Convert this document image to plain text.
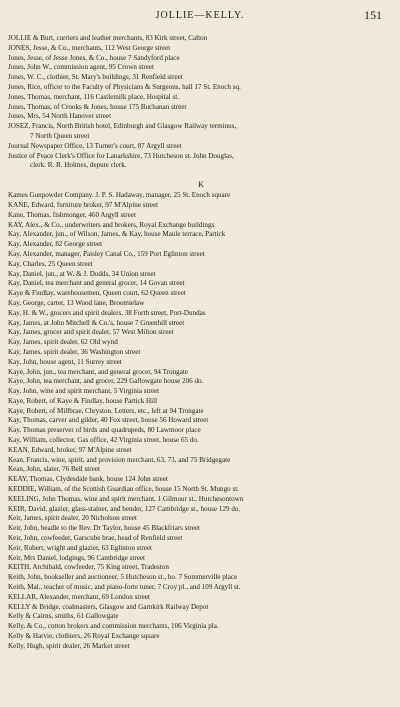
JOLLIE—KELLY.	151
JOLLIE & Burt, curriers and leather merchants, 83 Kirk street, Calton
JONES, Jesse, & Co., merchants, 112 West George street
Jones, Jesse, of Jesse Jones, & Co., house 7 Sandyford place
Jones, John W., commission agent, 95 Crown street
Jones, W. C., clothier, St. Mary's buildings, 31 Renfield street
Jones, Rice, officer to the Faculty of Physicians & Surgeons, hall 17 St. Enoch sq.
Jones, Thomas, merchant, 116 Castlemilk place, Hospital st.
Jones, Thomas, of Crooks & Jones, house 175 Buchanan street
Jones, Mrs, 54 North Hanover street
JOSEZ, Francis, North British hotel, Edinburgh and Glasgow Railway terminus,
7 North Queen street
Journal Newspaper Office, 13 Turner's court, 87 Argyll street
Justice of Peace Clerk's Office for Lanarkshire, 73 Hutcheson st. John Douglas,
clerk. R. R. Holmes, depute clerk.
K
Kames Gunpowder Company. J. P. S. Hadaway, manager, 25 St. Enoch square
KANE, Edward, furniture broker, 97 M'Alpine street
Kane, Thomas, fishmonger, 460 Argyll street
KAY, Alex., & Co., underwriters and brokers, Royal Exchange buildings
Kay, Alexander, jun., of Wilson, James, & Kay, house Maule terrace, Partick
Kay, Alexander, 82 George street
Kay, Alexander, manager, Paisley Canal Co., 159 Port Eglinton street
Kay, Charles, 25 Queen street
Kay, Daniel, jun., at W. & J. Dodds, 34 Union street
Kay, Daniel, tea merchant and general grocer, 14 Govan street
Kaye & Findlay, warehousemen, Queen court, 62 Queen street
Kay, George, carter, 13 Wood lane, Broomielaw
Kay, H. & W., grocers and spirit dealers, 38 Forth street, Port-Dundas
Kay, James, at John Mitchell & Co.'s, house 7 Greenhill street
Kay, James, grocer and spirit dealer, 57 West Milton street
Kay, James, spirit dealer, 62 Old wynd
Kay, James, spirit dealer, 36 Washington street
Kay, John, house agent, 11 Surrey street
Kaye, John, jun., tea merchant, and general grocer, 94 Trongate
Kaye, John, tea merchant, and grocer, 229 Gallowgate house 206 do.
Kay, John, wine and spirit merchant, 5 Virginia street
Kaye, Robert, of Kaye & Findlay, house Partick Hill
Kaye, Robert, of Millbrae, Chryston. Letters, etc., left at 94 Trongate
Kay, Thomas, carver and gilder, 40 Fox street, house 56 Howard street
Kay, Thomas preserver of birds and quadrupeds, 80 Lawmoor place
Kay, William, collector, Gas office, 42 Virginia street, house 65 do.
KEAN, Edward, broker, 97 M'Alpine street
Kean, Francis, wine, spirit, and provision merchant, 63, 73, and 75 Bridgegate
Kean, John, slater, 76 Bell street
KEAY, Thomas, Clydesdale bank, house 124 John street
KEDDIE, William, of the Scottish Guardian office, house 15 North St. Mungo st.
KEELING, John Thomas, wine and spirit merchant, 1 Gilmour st., Hutchesontown
KEIR, David, glazier, glass-stainer, and bender, 127 Cambridge st., house 129 do.
Keir, James, spirit dealer, 20 Nicholson street
Keir, John, beadle to the Rev. Dr Taylor, house 45 Blackfriars street
Keir, John, cowfeeder, Garscube brae, head of Renfield street
Keir, Robert, wright and glazier, 63 Eglinton street
Keir, Mrs Daniel, lodgings, 96 Cambridge street
KEITH, Archibald, cowfeeder, 75 King street, Tradeston
Keith, John, bookseller and auctioneer, 5 Hutcheson st., ho. 7 Sommerville place
Keith, Mal., teacher of music, and piano-forte tuner, 7 Croy pl., and 109 Argyll st.
KELLAR, Alexander, merchant, 69 London street
KELLY & Bridge, coalmasters, Glasgow and Garnkirk Railway Depot
Kelly & Cairns, smiths, 61 Gallowgate
Kelly, & Co., cotton brokers and commission merchants, 106 Virginia pla.
Kelly & Harvie, clothiers, 26 Royal Exchange square
Kelly, Hugh, spirit dealer, 26 Market street
